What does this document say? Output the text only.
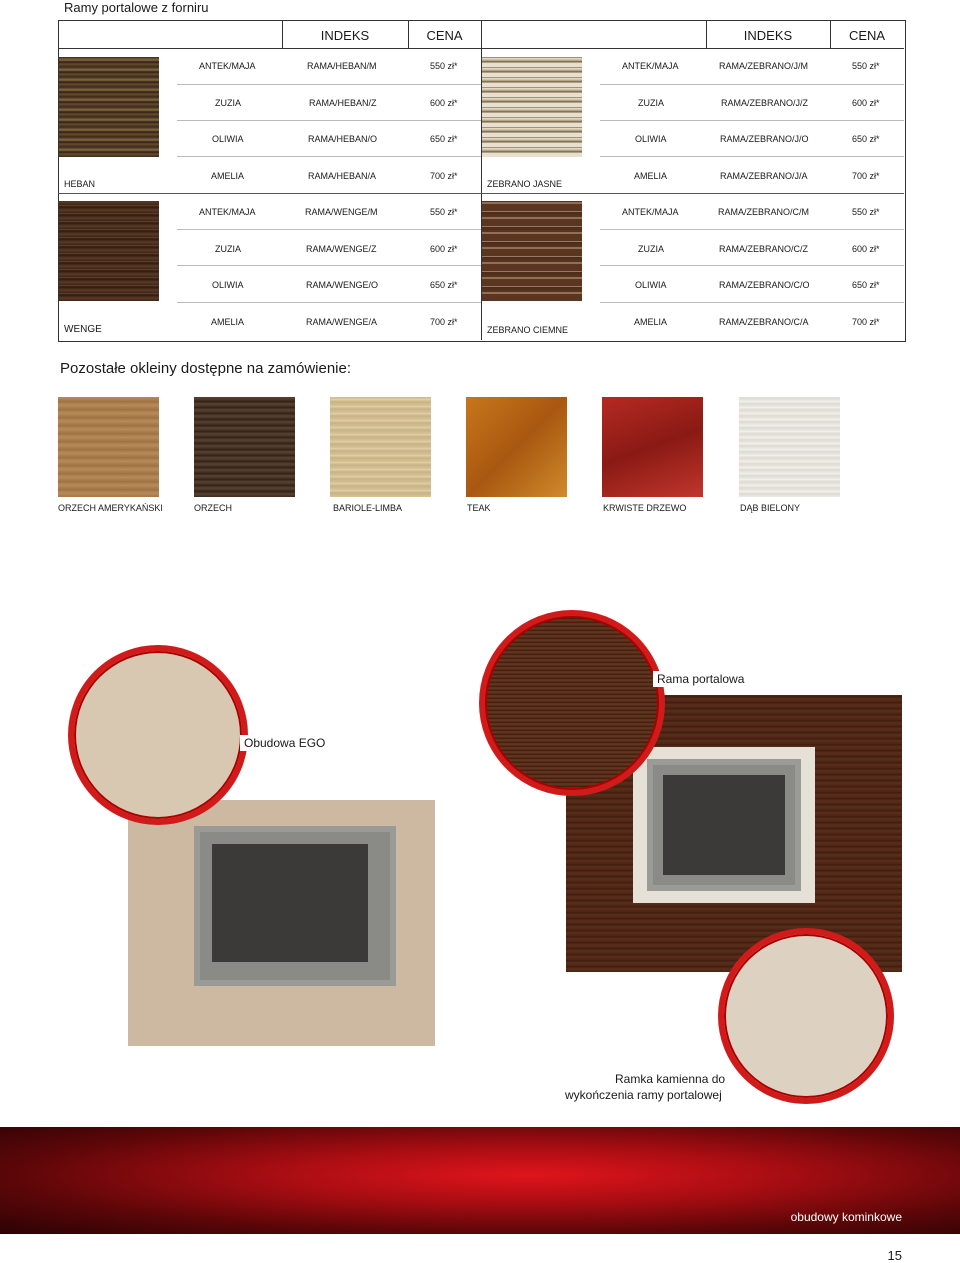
Ramy portalowe z forniru
INDEKS	CENA	INDEKS	CENA
HEBAN
WENGE
ZEBRANO JASNE
ZEBRANO CIEMNE
ANTEK/MAJA	RAMA/HEBAN/M	550 zł*
ZUZIA	RAMA/HEBAN/Z	600 zł*
OLIWIA	RAMA/HEBAN/O	650 zł*
AMELIA	RAMA/HEBAN/A	700 zł*
ANTEK/MAJA	RAMA/WENGE/M	550 zł*
ZUZIA	RAMA/WENGE/Z	600 zł*
OLIWIA	RAMA/WENGE/O	650 zł*
AMELIA	RAMA/WENGE/A	700 zł*
ANTEK/MAJA	RAMA/ZEBRANO/J/M	550 zł*
ZUZIA	RAMA/ZEBRANO/J/Z	600 zł*
OLIWIA	RAMA/ZEBRANO/J/O	650 zł*
AMELIA	RAMA/ZEBRANO/J/A	700 zł*
ANTEK/MAJA	RAMA/ZEBRANO/C/M	550 zł*
ZUZIA	RAMA/ZEBRANO/C/Z	600 zł*
OLIWIA	RAMA/ZEBRANO/C/O	650 zł*
AMELIA	RAMA/ZEBRANO/C/A	700 zł*
Pozostałe okleiny dostępne na zamówienie:
ORZECH AMERYKAŃSKI	ORZECH	BARIOLE-LIMBA	TEAK	KRWISTE DRZEWO	DĄB BIELONY
Rama portalowa
Obudowa EGO
Ramka kamienna do
wykończenia ramy portalowej
obudowy kominkowe
15
